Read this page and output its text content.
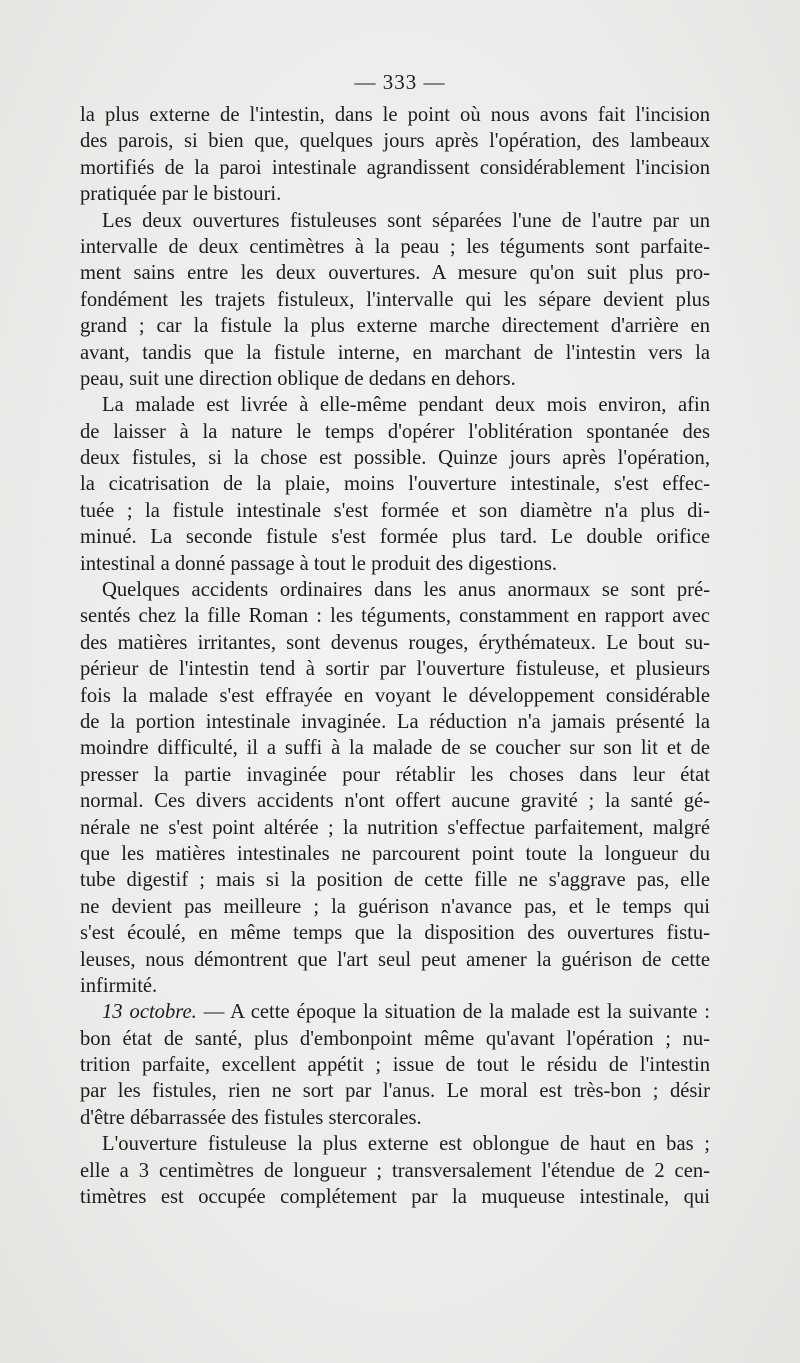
— 333 —
la plus externe de l'intestin, dans le point où nous avons fait l'incision
des parois, si bien que, quelques jours après l'opération, des lambeaux
mortifiés de la paroi intestinale agrandissent considérablement l'incision
pratiquée par le bistouri.
Les deux ouvertures fistuleuses sont séparées l'une de l'autre par un
intervalle de deux centimètres à la peau ; les téguments sont parfaite-
ment sains entre les deux ouvertures. A mesure qu'on suit plus pro-
fondément les trajets fistuleux, l'intervalle qui les sépare devient plus
grand ; car la fistule la plus externe marche directement d'arrière en
avant, tandis que la fistule interne, en marchant de l'intestin vers la
peau, suit une direction oblique de dedans en dehors.
La malade est livrée à elle-même pendant deux mois environ, afin
de laisser à la nature le temps d'opérer l'oblitération spontanée des
deux fistules, si la chose est possible. Quinze jours après l'opération,
la cicatrisation de la plaie, moins l'ouverture intestinale, s'est effec-
tuée ; la fistule intestinale s'est formée et son diamètre n'a plus di-
minué. La seconde fistule s'est formée plus tard. Le double orifice
intestinal a donné passage à tout le produit des digestions.
Quelques accidents ordinaires dans les anus anormaux se sont pré-
sentés chez la fille Roman : les téguments, constamment en rapport avec
des matières irritantes, sont devenus rouges, érythémateux. Le bout su-
périeur de l'intestin tend à sortir par l'ouverture fistuleuse, et plusieurs
fois la malade s'est effrayée en voyant le développement considérable
de la portion intestinale invaginée. La réduction n'a jamais présenté la
moindre difficulté, il a suffi à la malade de se coucher sur son lit et de
presser la partie invaginée pour rétablir les choses dans leur état
normal. Ces divers accidents n'ont offert aucune gravité ; la santé gé-
nérale ne s'est point altérée ; la nutrition s'effectue parfaitement, malgré
que les matières intestinales ne parcourent point toute la longueur du
tube digestif ; mais si la position de cette fille ne s'aggrave pas, elle
ne devient pas meilleure ; la guérison n'avance pas, et le temps qui
s'est écoulé, en même temps que la disposition des ouvertures fistu-
leuses, nous démontrent que l'art seul peut amener la guérison de cette
infirmité.
13 octobre. — A cette époque la situation de la malade est la suivante :
bon état de santé, plus d'embonpoint même qu'avant l'opération ; nu-
trition parfaite, excellent appétit ; issue de tout le résidu de l'intestin
par les fistules, rien ne sort par l'anus. Le moral est très-bon ; désir
d'être débarrassée des fistules stercorales.
L'ouverture fistuleuse la plus externe est oblongue de haut en bas ;
elle a 3 centimètres de longueur ; transversalement l'étendue de 2 cen-
timètres est occupée complétement par la muqueuse intestinale, qui
